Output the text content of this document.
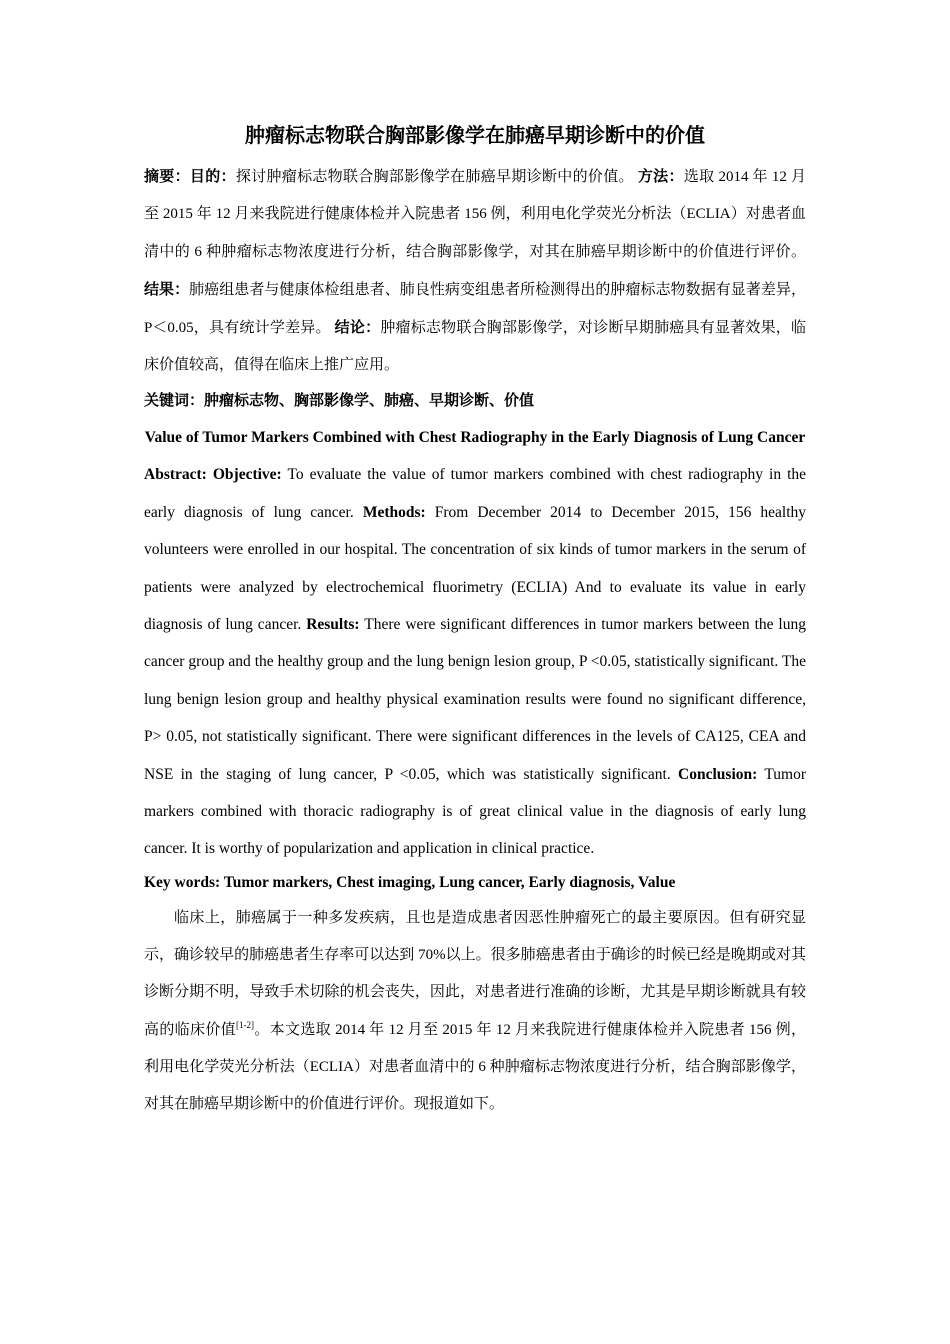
肿瘤标志物联合胸部影像学在肺癌早期诊断中的价值

摘要：目的：探讨肿瘤标志物联合胸部影像学在肺癌早期诊断中的价值。 方法：选取 2014 年 12 月至 2015 年 12 月来我院进行健康体检并入院患者 156 例，利用电化学荧光分析法（ECLIA）对患者血清中的 6 种肿瘤标志物浓度进行分析，结合胸部影像学，对其在肺癌早期诊断中的价值进行评价。 结果：肺癌组患者与健康体检组患者、肺良性病变组患者所检测得出的肿瘤标志物数据有显著差异，P＜0.05，具有统计学差异。 结论：肿瘤标志物联合胸部影像学，对诊断早期肺癌具有显著效果，临床价值较高，值得在临床上推广应用。

关键词：肿瘤标志物、胸部影像学、肺癌、早期诊断、价值

Value of Tumor Markers Combined with Chest Radiography in the Early Diagnosis of Lung Cancer

Abstract: Objective: To evaluate the value of tumor markers combined with chest radiography in the early diagnosis of lung cancer. Methods: From December 2014 to December 2015, 156 healthy volunteers were enrolled in our hospital. The concentration of six kinds of tumor markers in the serum of patients were analyzed by electrochemical fluorimetry (ECLIA) And to evaluate its value in early diagnosis of lung cancer. Results: There were significant differences in tumor markers between the lung cancer group and the healthy group and the lung benign lesion group, P <0.05, statistically significant. The lung benign lesion group and healthy physical examination results were found no significant difference, P> 0.05, not statistically significant. There were significant differences in the levels of CA125, CEA and NSE in the staging of lung cancer, P <0.05, which was statistically significant. Conclusion: Tumor markers combined with thoracic radiography is of great clinical value in the diagnosis of early lung cancer. It is worthy of popularization and application in clinical practice.

Key words: Tumor markers, Chest imaging, Lung cancer, Early diagnosis, Value

临床上，肺癌属于一种多发疾病，且也是造成患者因恶性肿瘤死亡的最主要原因。但有研究显示，确诊较早的肺癌患者生存率可以达到 70%以上。很多肺癌患者由于确诊的时候已经是晚期或对其诊断分期不明，导致手术切除的机会丧失，因此，对患者进行准确的诊断，尤其是早期诊断就具有较高的临床价值[1-2]。本文选取 2014 年 12 月至 2015 年 12 月来我院进行健康体检并入院患者 156 例，利用电化学荧光分析法（ECLIA）对患者血清中的 6 种肿瘤标志物浓度进行分析，结合胸部影像学，对其在肺癌早期诊断中的价值进行评价。现报道如下。
